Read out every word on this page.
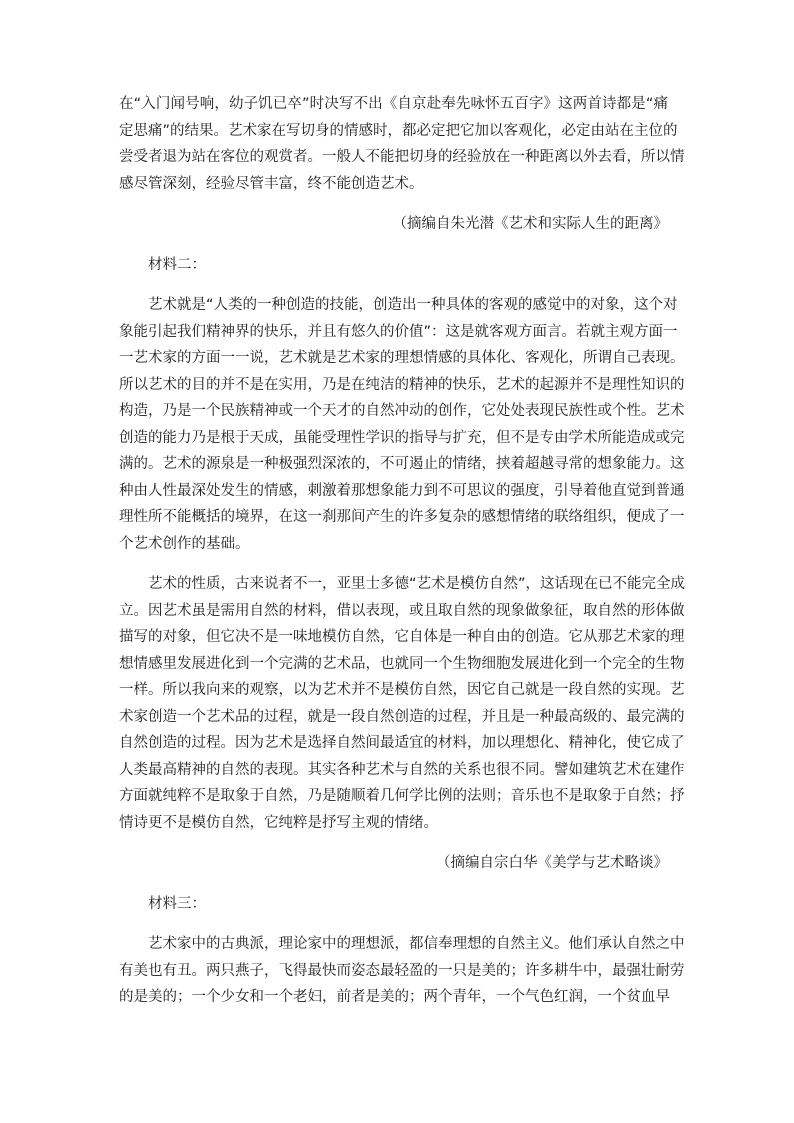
在“入门闻号响，幼子饥已卒”时决写不出《自京赴奉先咏怀五百字》这两首诗都是“痛
定思痛”的结果。艺术家在写切身的情感时，都必定把它加以客观化，必定由站在主位的
尝受者退为站在客位的观赏者。一般人不能把切身的经验放在一种距离以外去看，所以情
感尽管深刻，经验尽管丰富，终不能创造艺术。
（摘编自朱光潜《艺术和实际人生的距离》
材料二：
艺术就是“人类的一种创造的技能，创造出一种具体的客观的感觉中的对象，这个对
象能引起我们精神界的快乐，并且有悠久的价值”：这是就客观方面言。若就主观方面一
一艺术家的方面一一说，艺术就是艺术家的理想情感的具体化、客观化，所谓自己表现。
所以艺术的目的并不是在实用，乃是在纯洁的精神的快乐，艺术的起源并不是理性知识的
构造，乃是一个民族精神或一个天才的自然冲动的创作，它处处表现民族性或个性。艺术
创造的能力乃是根于天成，虽能受理性学识的指导与扩充，但不是专由学术所能造成或完
满的。艺术的源泉是一种极强烈深浓的，不可遏止的情绪，挟着超越寻常的想象能力。这
种由人性最深处发生的情感，刺激着那想象能力到不可思议的强度，引导着他直觉到普通
理性所不能概括的境界，在这一刹那间产生的许多复杂的感想情绪的联络组织，便成了一
个艺术创作的基础。
艺术的性质，古来说者不一，亚里士多德“艺术是模仿自然”，这话现在已不能完全成
立。因艺术虽是需用自然的材料，借以表现，或且取自然的现象做象征，取自然的形体做
描写的对象，但它决不是一味地模仿自然，它自体是一种自由的创造。它从那艺术家的理
想情感里发展进化到一个完满的艺术品，也就同一个生物细胞发展进化到一个完全的生物
一样。所以我向来的观察，以为艺术并不是模仿自然，因它自己就是一段自然的实现。艺
术家创造一个艺术品的过程，就是一段自然创造的过程，并且是一种最高级的、最完满的
自然创造的过程。因为艺术是选择自然间最适宜的材料，加以理想化、精神化，使它成了
人类最高精神的自然的表现。其实各种艺术与自然的关系也很不同。譬如建筑艺术在建作
方面就纯粹不是取象于自然，乃是随顺着几何学比例的法则；音乐也不是取象于自然；抒
情诗更不是模仿自然，它纯粹是抒写主观的情绪。
（摘编自宗白华《美学与艺术略谈》
材料三：
艺术家中的古典派，理论家中的理想派，都信奉理想的自然主义。他们承认自然之中
有美也有丑。两只燕子，飞得最快而姿态最轻盈的一只是美的；许多耕牛中，最强壮耐劳
的是美的；一个少女和一个老妇，前者是美的；两个青年，一个气色红润，一个贫血早
